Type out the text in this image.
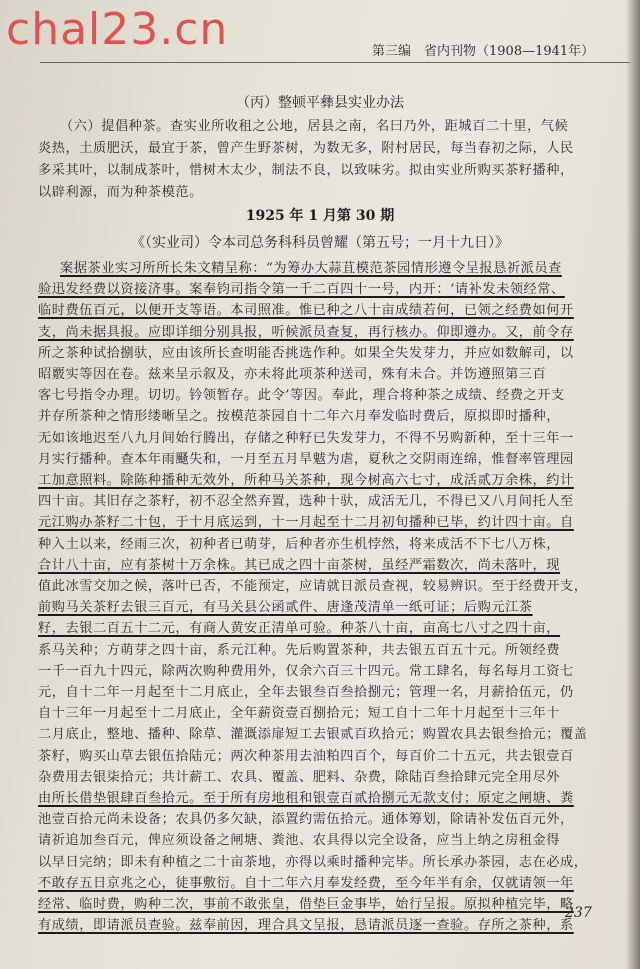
chal23.cn	第三编　省内刊物（1908—1941年）
（丙）整顿平彝县实业办法
（六）提倡种茶。查实业所收租之公地，居县之南，名曰乃外，距城百二十里，气候
炎热，土质肥沃，最宜于茶，曾产生野茶树，为数无多，附村居民，每当春初之际，人民
多采其叶，以制成茶叶，惜树木太少，制法不良，以致味劣。拟由实业所购买茶籽播种，
以辟利源，而为种茶模范。
1925 年 1 月第 30 期
《（实业司）令本司总务科科员曾耀（第五号；一月十九日）》
案据茶业实习所所长朱文精呈称：“为筹办大蒜苴模范茶园情形遵令呈报恳祈派员查
验迅发经费以资接济事。案奉钧司指令第一千二百四十一号，内开：‘请补发未领经常、
临时费伍百元，以便开支等语。本司照准。惟已种之八十亩成绩若何，已领之经费如何开
支，尚未据具报。应即详细分别具报，听候派员查复，再行核办。仰即遵办。又，前令存
所之茶种试拾捌驮，应由该所长查明能否挑选作种。如果全失发芽力，并应如数解司，以
昭覈实等因在卷。兹来呈示叙及，亦未将此项茶种送司，殊有未合。并饬遵照第三百
客七号指令办理。切切。钤领暂存。此令’等因。奉此，理合将种茶之成绩、经费之开支
并存所茶种之情形缕晰呈之。按模范茶园自十二年六月奉发临时费后，原拟即时播种，
无如该地迟至八九月间始行腾出，存储之种籽已失发芽力，不得不另购新种，至十三年一
月实行播种。查本年雨颾失和，一月至五月旱魃为虐，夏秋之交阴雨连绵，惟督率管理园
工加意照料。除陈种播种无效外，所种马关茶种，现今树高六七寸，成活贰万余株，约计
四十亩。其旧存之茶籽，初不忍全然弃置，选种十驮，成活无几，不得已又八月间托人至
元江购办茶籽二十包，于十月底运到，十一月起至十二月初旬播种已毕，约计四十亩。自
种入土以来，经雨三次，初种者已萌芽，后种者亦生机悖然，将来成活不下七八万株，
合计八十亩，应有茶树十万余株。其已成之四十亩茶树，虽经严霜数次，尚未落叶，现
值此冰雪交加之候，落叶已否，不能预定，应请就日派员查视，较易辨识。至于经费开支，
前购马关茶籽去银三百元，有马关县公函贰件、唐逢茂清单一纸可证；后购元江茶
籽，去银二百五十二元，有商人黄安正清单可验。种茶八十亩，亩高七八寸之四十亩，
系马关种；方萌芽之四十亩，系元江种。先后购置茶种，共去银五百五十元。所领经费
一千一百九十四元，除两次购种费用外，仅余六百三十四元。常工肆名，每名每月工资七
元，自十二年一月起至十二月底止，全年去银叁百叁拾捌元；管理一名，月薪拾伍元，仍
自十三年一月起至十二月底止，全年薪资壹百捌拾元；短工自十二年十月起至十三年十
二月底止，整地、播种、除草、灌溉添扉短工去银贰百玖拾元；购置农具去银叁拾元；覆盖
茶籽，购买山草去银伍拾陆元；两次种茶用去油粕四百个，每百价二十五元，共去银壹百
杂费用去银柒拾元；共计薪工、农具、覆盖、肥料、杂费，除陆百叁拾肆元完全用尽外
由所长借垫银肆百叁拾元。至于所有房地租和银壹百贰拾捌元无款支付；原定之闸塘、粪
池壹百拾元尚未设备；农具仍多欠缺，添置约需伍拾元。通体筹划，除请补发伍百元外，
请祈追加叁百元，俾应须设备之闸塘、粪池、农具得以完全设备，应当上纳之房租金得
以早日完纳；即未有种植之二十亩茶地，亦得以乘时播种完毕。所长承办茶园，志在必成，
不敢存五日京兆之心，徒事敷衍。自十二年六月奉发经费，至今年半有余，仅就请领一年
经常、临时费，购种二次，事前不敢张皇，借垫巨金事毕，始行呈报。原拟种植完毕，略
有成绩，即请派员查验。兹奉前因，理合具文呈报，恳请派员逐一查验。存所之茶种，系
237
